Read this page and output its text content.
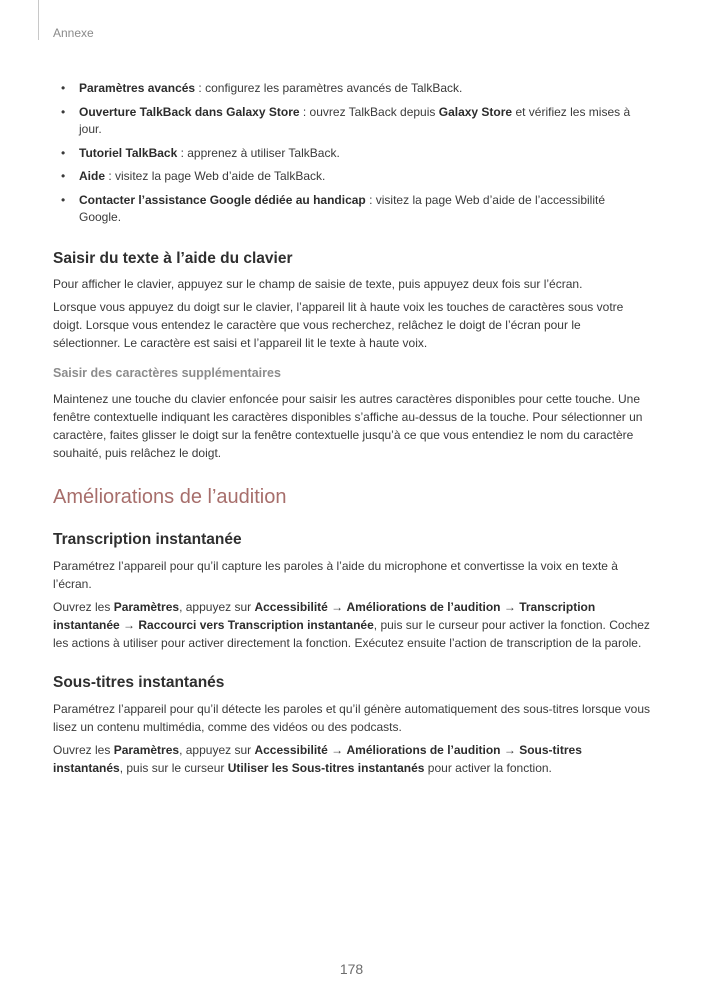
Annexe
• Paramètres avancés : configurez les paramètres avancés de TalkBack.
• Ouverture TalkBack dans Galaxy Store : ouvrez TalkBack depuis Galaxy Store et vérifiez les mises à jour.
• Tutoriel TalkBack : apprenez à utiliser TalkBack.
• Aide : visitez la page Web d’aide de TalkBack.
• Contacter l’assistance Google dédiée au handicap : visitez la page Web d’aide de l’accessibilité Google.
Saisir du texte à l’aide du clavier

Pour afficher le clavier, appuyez sur le champ de saisie de texte, puis appuyez deux fois sur l’écran.

Lorsque vous appuyez du doigt sur le clavier, l’appareil lit à haute voix les touches de caractères sous votre doigt. Lorsque vous entendez le caractère que vous recherchez, relâchez le doigt de l’écran pour le sélectionner. Le caractère est saisi et l’appareil lit le texte à haute voix.

Saisir des caractères supplémentaires

Maintenez une touche du clavier enfoncée pour saisir les autres caractères disponibles pour cette touche. Une fenêtre contextuelle indiquant les caractères disponibles s’affiche au-dessus de la touche. Pour sélectionner un caractère, faites glisser le doigt sur la fenêtre contextuelle jusqu’à ce que vous entendiez le nom du caractère souhaité, puis relâchez le doigt.

Améliorations de l’audition
Transcription instantanée

Paramétrez l’appareil pour qu’il capture les paroles à l’aide du microphone et convertisse la voix en texte à l’écran.

Ouvrez les Paramètres, appuyez sur Accessibilité → Améliorations de l’audition → Transcription instantanée → Raccourci vers Transcription instantanée, puis sur le curseur pour activer la fonction. Cochez les actions à utiliser pour activer directement la fonction. Exécutez ensuite l’action de transcription de la parole.

Sous-titres instantanés

Paramétrez l’appareil pour qu’il détecte les paroles et qu’il génère automatiquement des sous-titres lorsque vous lisez un contenu multimédia, comme des vidéos ou des podcasts.

Ouvrez les Paramètres, appuyez sur Accessibilité → Améliorations de l’audition → Sous-titres instantanés, puis sur le curseur Utiliser les Sous-titres instantanés pour activer la fonction.

178
